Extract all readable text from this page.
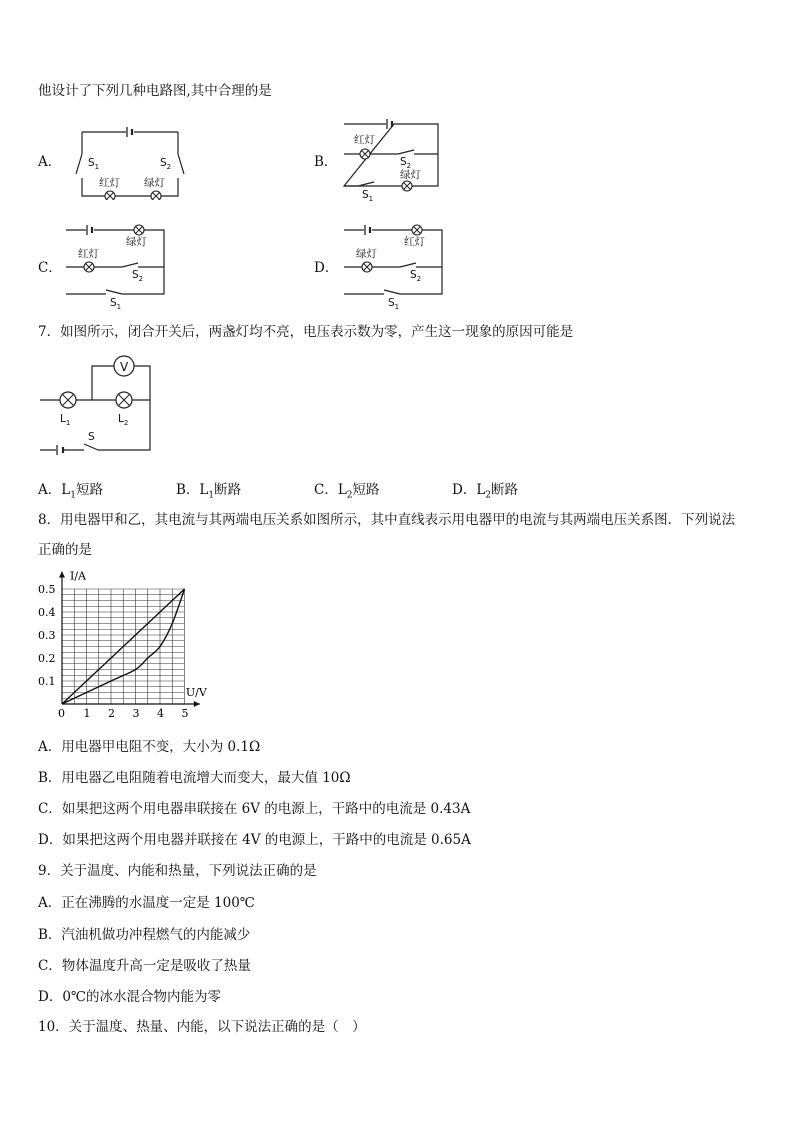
他设计了下列几种电路图,其中合理的是
A．	$S_1$	$S_2$
红灯 绿灯
B．
红灯
$S_2$
绿灯
$S_1$
C．
绿灯
红灯
$S_2$
$S_1$
D．
红灯
绿灯
$S_2$
$S_1$
7．如图所示，闭合开关后，两盏灯均不亮，电压表示数为零，产生这一现象的原因可能是
V
$L_1$	$L_2$
S
A．$L_1$短路	B．$L_1$断路	C．$L_2$短路	D．$L_2$断路
8．用电器甲和乙，其电流与其两端电压关系如图所示，其中直线表示用电器甲的电流与其两端电压关系图．下列说法
正确的是
1 2 3 4 5
0.1
0.2
0.3
0.4
0.5
0
I/A
U/V
A．用电器甲电阻不变，大小为 0.1Ω
B．用电器乙电阻随着电流增大而变大，最大值 10Ω
C．如果把这两个用电器串联接在 6V 的电源上，干路中的电流是 0.43A
D．如果把这两个用电器并联接在 4V 的电源上，干路中的电流是 0.65A
9．关于温度、内能和热量，下列说法正确的是
A．正在沸腾的水温度一定是 100℃
B．汽油机做功冲程燃气的内能减少
C．物体温度升高一定是吸收了热量
D．0℃的冰水混合物内能为零
10．关于温度、热量、内能，以下说法正确的是（　）
